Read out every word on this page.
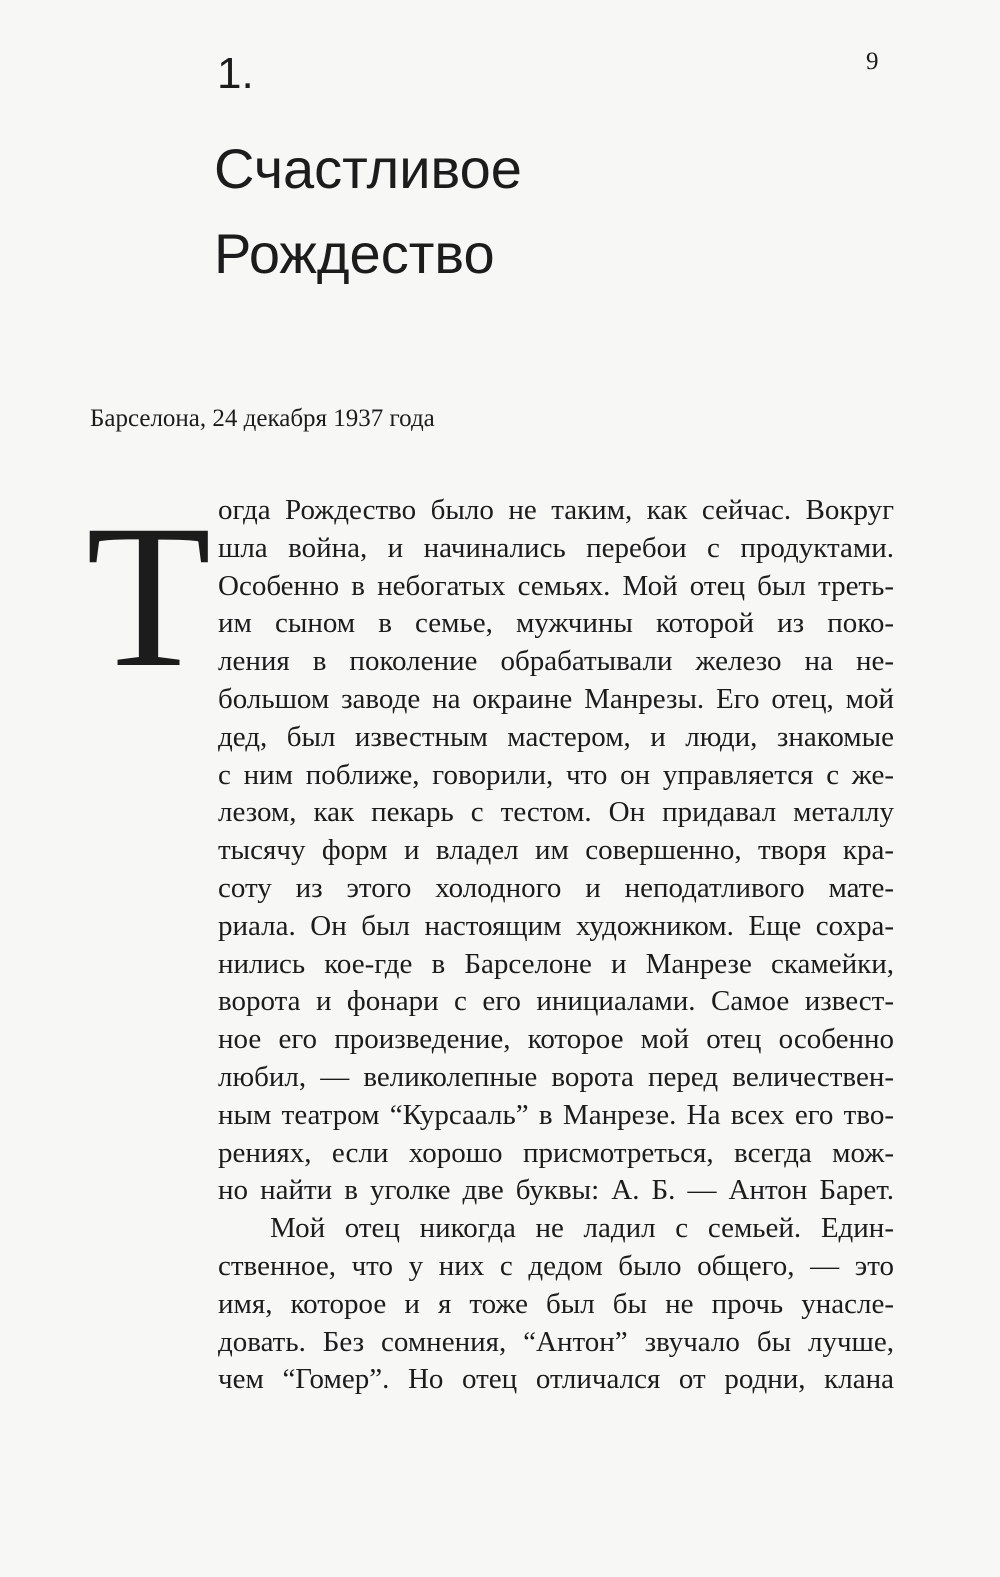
9
1.
Счастливое
Рождество
Барселона, 24 декабря 1937 года
Т огда Рождество было не таким, как сейчас. Вокруг
шла война, и начинались перебои с продуктами.
Особенно в небогатых семьях. Мой отец был треть-
им сыном в семье, мужчины которой из поко-
ления в поколение обрабатывали железо на не-
большом заводе на окраине Манрезы. Его отец, мой
дед, был известным мастером, и люди, знакомые
с ним поближе, говорили, что он управляется с же-
лезом, как пекарь с тестом. Он придавал металлу
тысячу форм и владел им совершенно, творя кра-
соту из этого холодного и неподатливого мате-
риала. Он был настоящим художником. Еще сохра-
нились кое-где в Барселоне и Манрезе скамейки,
ворота и фонари с его инициалами. Самое извест-
ное его произведение, которое мой отец особенно
любил, — великолепные ворота перед величествен-
ным театром “Курсааль” в Манрезе. На всех его тво-
рениях, если хорошо присмотреться, всегда мож-
но найти в уголке две буквы: А. Б. — Антон Барет.
Мой отец никогда не ладил с семьей. Един-
ственное, что у них с дедом было общего, — это
имя, которое и я тоже был бы не прочь унасле-
довать. Без сомнения, “Антон” звучало бы лучше,
чем “Гомер”. Но отец отличался от родни, клана
